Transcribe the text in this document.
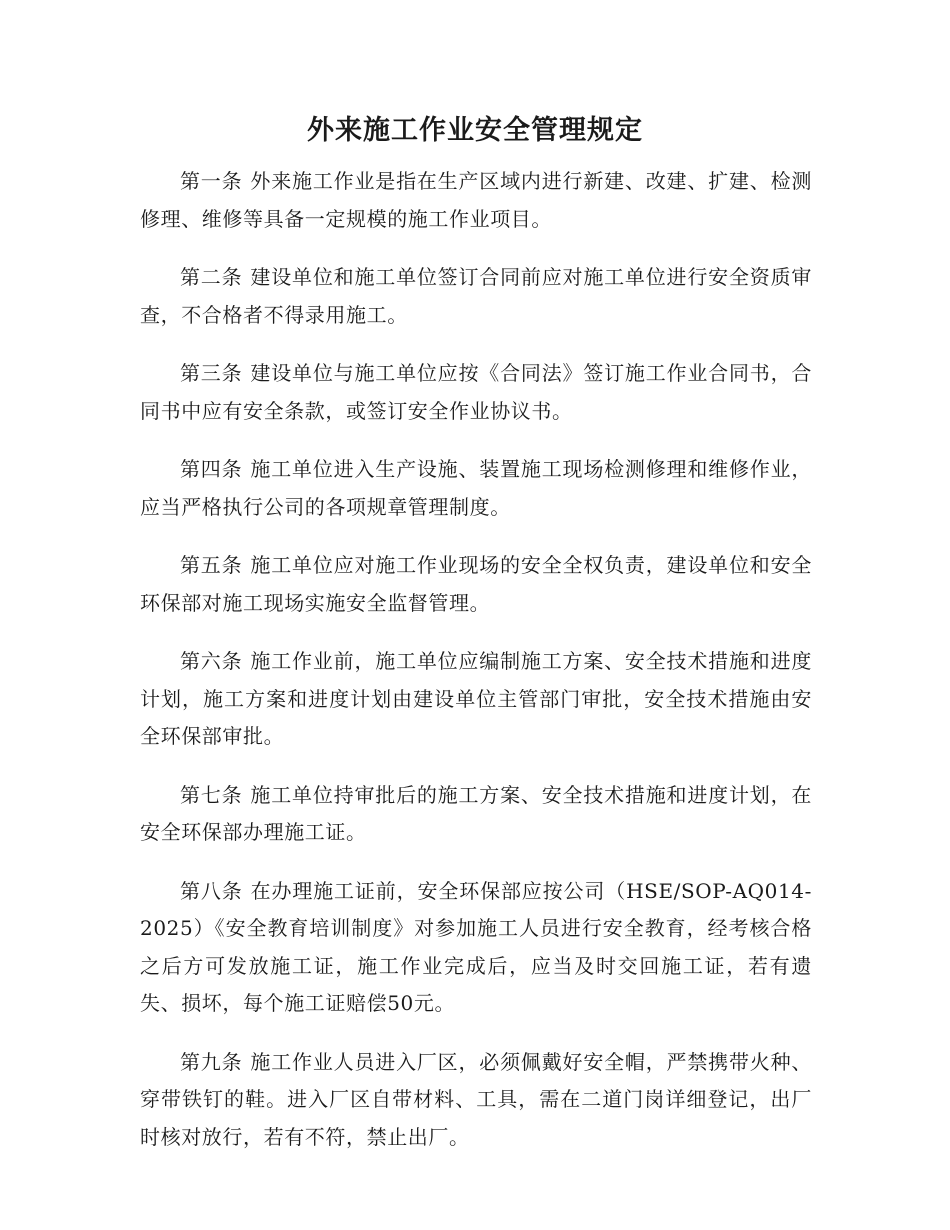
外来施工作业安全管理规定

第一条 外来施工作业是指在生产区域内进行新建、改建、扩建、检测修理、维修等具备一定规模的施工作业项目。

第二条 建设单位和施工单位签订合同前应对施工单位进行安全资质审查，不合格者不得录用施工。

第三条 建设单位与施工单位应按《合同法》签订施工作业合同书，合同书中应有安全条款，或签订安全作业协议书。

第四条 施工单位进入生产设施、装置施工现场检测修理和维修作业，应当严格执行公司的各项规章管理制度。

第五条 施工单位应对施工作业现场的安全全权负责，建设单位和安全环保部对施工现场实施安全监督管理。

第六条 施工作业前，施工单位应编制施工方案、安全技术措施和进度计划，施工方案和进度计划由建设单位主管部门审批，安全技术措施由安全环保部审批。

第七条 施工单位持审批后的施工方案、安全技术措施和进度计划，在安全环保部办理施工证。

第八条 在办理施工证前，安全环保部应按公司（HSE/SOP-AQ014-2025）《安全教育培训制度》对参加施工人员进行安全教育，经考核合格之后方可发放施工证，施工作业完成后，应当及时交回施工证，若有遗失、损坏，每个施工证赔偿50元。

第九条 施工作业人员进入厂区，必须佩戴好安全帽，严禁携带火种、穿带铁钉的鞋。进入厂区自带材料、工具，需在二道门岗详细登记，出厂时核对放行，若有不符，禁止出厂。
